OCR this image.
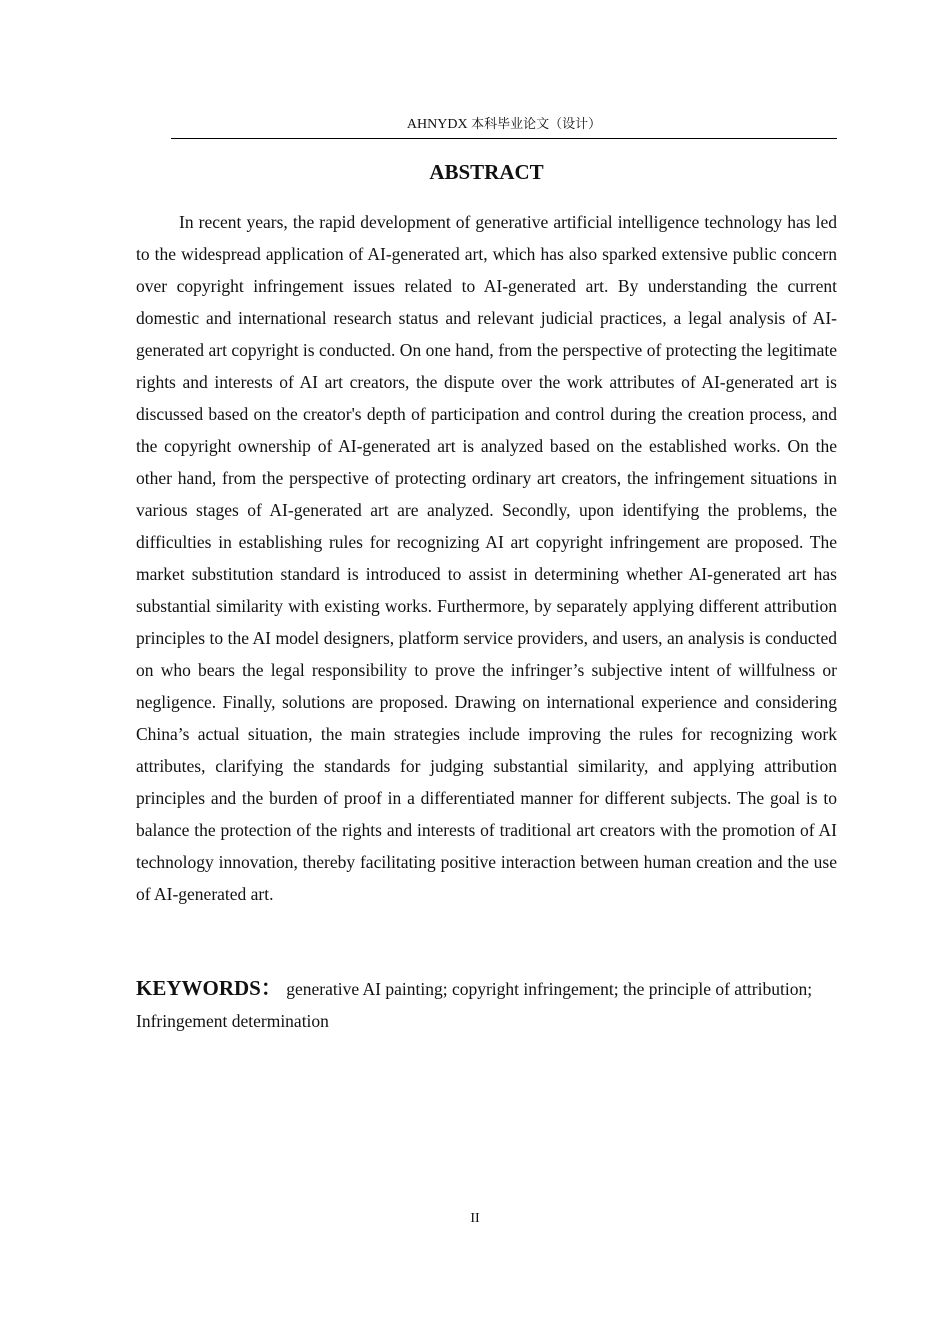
AHNYDX 本科毕业论文（设计）
ABSTRACT

In recent years, the rapid development of generative artificial intelligence technology has led to the widespread application of AI-generated art, which has also sparked extensive public concern over copyright infringement issues related to AI-generated art. By understanding the current domestic and international research status and relevant judicial practices, a legal analysis of AI-generated art copyright is conducted. On one hand, from the perspective of protecting the legitimate rights and interests of AI art creators, the dispute over the work attributes of AI-generated art is discussed based on the creator's depth of participation and control during the creation process, and the copyright ownership of AI-generated art is analyzed based on the established works. On the other hand, from the perspective of protecting ordinary art creators, the infringement situations in various stages of AI-generated art are analyzed. Secondly, upon identifying the problems, the difficulties in establishing rules for recognizing AI art copyright infringement are proposed. The market substitution standard is introduced to assist in determining whether AI-generated art has substantial similarity with existing works. Furthermore, by separately applying different attribution principles to the AI model designers, platform service providers, and users, an analysis is conducted on who bears the legal responsibility to prove the infringer’s subjective intent of willfulness or negligence. Finally, solutions are proposed. Drawing on international experience and considering China’s actual situation, the main strategies include improving the rules for recognizing work attributes, clarifying the standards for judging substantial similarity, and applying attribution principles and the burden of proof in a differentiated manner for different subjects. The goal is to balance the protection of the rights and interests of traditional art creators with the promotion of AI technology innovation, thereby facilitating positive interaction between human creation and the use of AI-generated art.

KEYWORDS： generative AI painting; copyright infringement; the principle of attribution; Infringement determination

II
